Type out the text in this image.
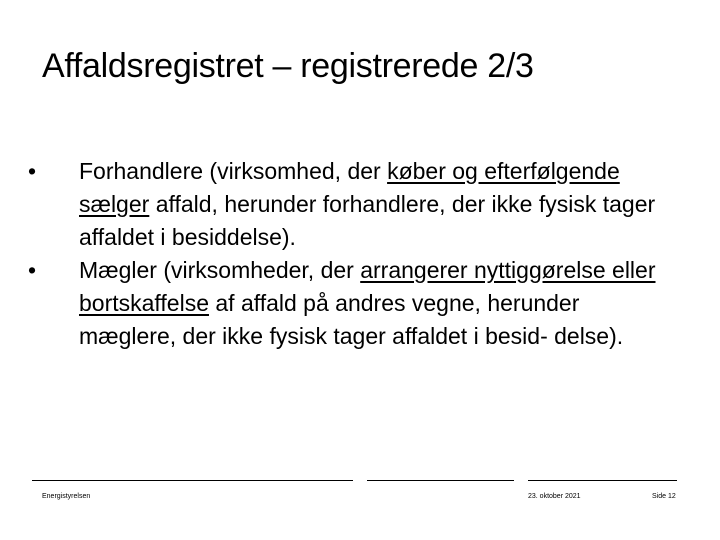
Affaldsregistret – registrerede 2/3
•	Forhandlere (virksomhed, der køber og efterfølgende sælger affald, herunder forhandlere, der ikke fysisk tager affaldet i besiddelse).
•	Mægler (virksomheder, der arrangerer nyttiggørelse eller bortskaffelse af affald på andres vegne, herunder mæglere, der ikke fysisk tager affaldet i besid- delse).
Energistyrelsen	23. oktober 2021	Side 12
